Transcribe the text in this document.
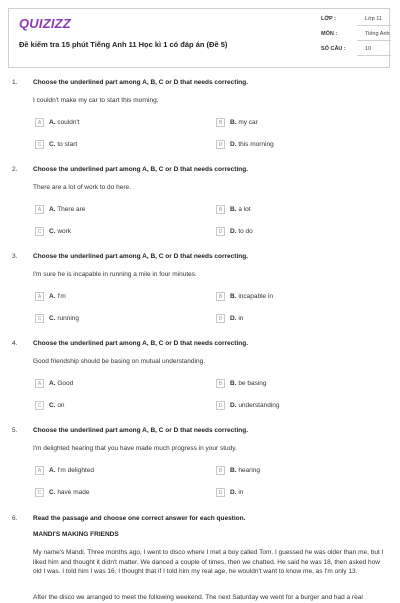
QUIZIZZ
Đề kiểm tra 15 phút Tiếng Anh 11 Học kì 1 có đáp án (Đề 5)
LỚP :	Lớp 11
MÔN :	Tiếng Anh
SỐ CÂU :	10
1. Choose the underlined part among A, B, C or D that needs correcting.
I couldn't make my car to start this morning.
A	A. couldn't	B	B. my car
C	C. to start	D	D. this morning
2. Choose the underlined part among A, B, C or D that needs correcting.
There are a lot of work to do here.
A	A. There are	B	B. a lot
C	C. work	D	D. to do
3. Choose the underlined part among A, B, C or D that needs correcting.
I'm sure he is incapable in running a mile in four minutes.
A	A. I'm	B	B. incapable in
C	C. running	D	D. in
4. Choose the underlined part among A, B, C or D that needs correcting.
Good friendship should be basing on mutual understanding.
A	A. Good	B	B. be basing
C	C. on	D	D. understanding
5. Choose the underlined part among A, B, C or D that needs correcting.
I'm delighted hearing that you have made much progress in your study.
A	A. I'm delighted	B	B. hearing
C	C. have made	D	D. in
6. Read the passage and choose one correct answer for each question.
MANDI'S MAKING FRIENDS
My name's Mandi. Three months ago, I went to disco where I met a boy called Tom. I guessed he was older than me, but I liked him and thought it didn't matter. We danced a couple of times, then we chatted. He said he was 18, then asked how old I was. I told him I was 16. I thought that if I told him my real age, he wouldn't want to know me, as I'm only 13.
After the disco we arranged to meet the following weekend. The next Saturday we went for a burger and had a real
